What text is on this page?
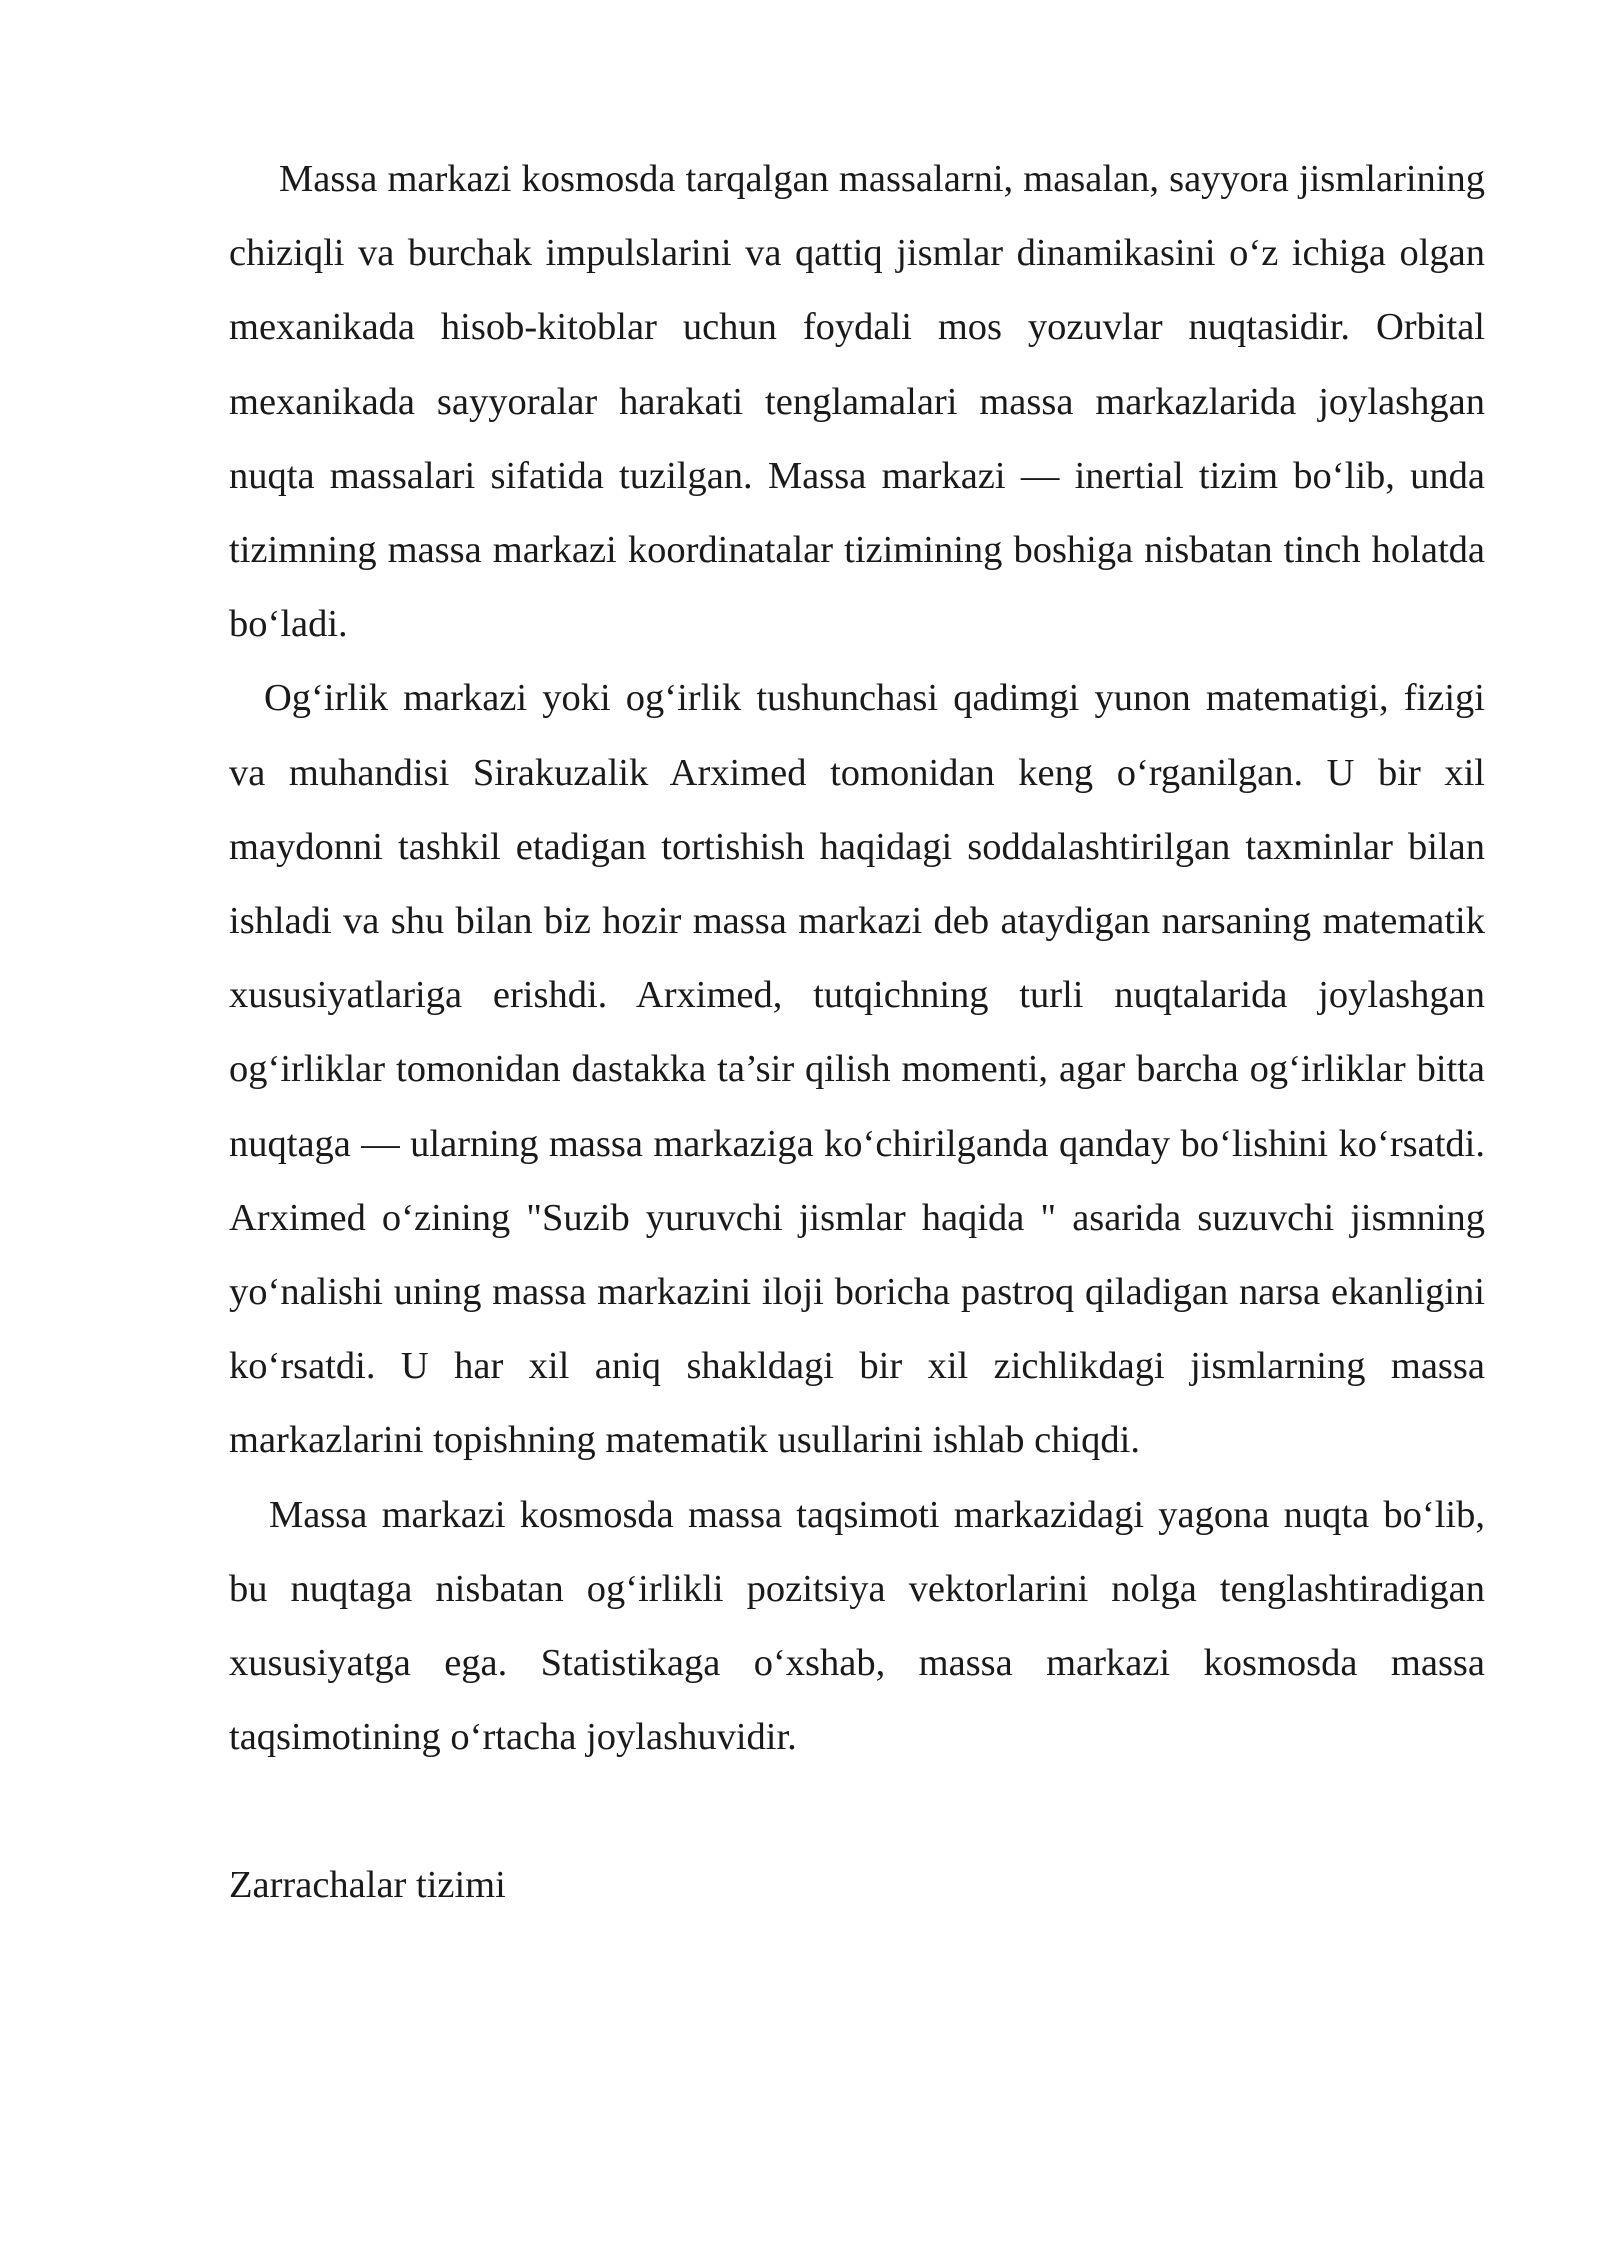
Massa markazi kosmosda tarqalgan massalarni, masalan, sayyora jismlarining chiziqli va burchak impulslarini va qattiq jismlar dinamikasini o‘z ichiga olgan mexanikada hisob-kitoblar uchun foydali mos yozuvlar nuqtasidir. Orbital mexanikada sayyoralar harakati tenglamalari massa markazlarida joylashgan nuqta massalari sifatida tuzilgan. Massa markazi — inertial tizim bo‘lib, unda tizimning massa markazi koordinatalar tizimining boshiga nisbatan tinch holatda bo‘ladi.

Og‘irlik markazi yoki og‘irlik tushunchasi qadimgi yunon matematigi, fizigi va muhandisi Sirakuzalik Arximed tomonidan keng o‘rganilgan. U bir xil maydonni tashkil etadigan tortishish haqidagi soddalashtirilgan taxminlar bilan ishladi va shu bilan biz hozir massa markazi deb ataydigan narsaning matematik xususiyatlariga erishdi. Arximed, tutqichning turli nuqtalarida joylashgan og‘irliklar tomonidan dastakka ta’sir qilish momenti, agar barcha og‘irliklar bitta nuqtaga — ularning massa markaziga ko‘chirilganda qanday bo‘lishini ko‘rsatdi. Arximed o‘zining "Suzib yuruvchi jismlar haqida " asarida suzuvchi jismning yo‘nalishi uning massa markazini iloji boricha pastroq qiladigan narsa ekanligini ko‘rsatdi. U har xil aniq shakldagi bir xil zichlikdagi jismlarning massa markazlarini topishning matematik usullarini ishlab chiqdi.

Massa markazi kosmosda massa taqsimoti markazidagi yagona nuqta bo‘lib, bu nuqtaga nisbatan og‘irlikli pozitsiya vektorlarini nolga tenglashtiradigan xususiyatga ega. Statistikaga o‘xshab, massa markazi kosmosda massa taqsimotining o‘rtacha joylashuvidir.

Zarrachalar tizimi
